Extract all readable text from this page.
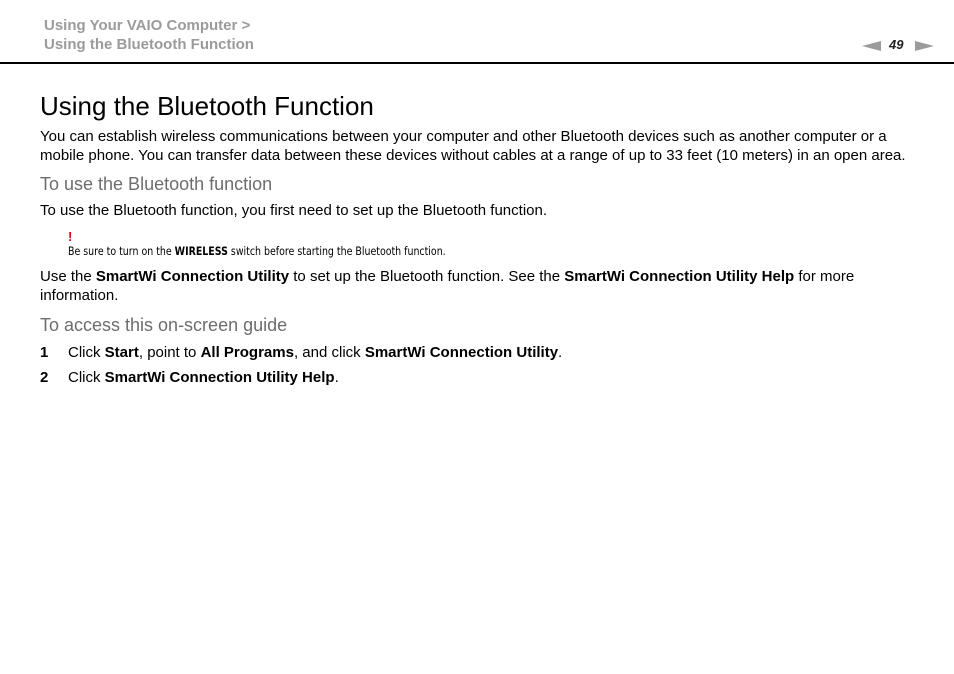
Using Your VAIO Computer >
Using the Bluetooth Function	49
Using the Bluetooth Function

You can establish wireless communications between your computer and other Bluetooth devices such as another computer or a mobile phone. You can transfer data between these devices without cables at a range of up to 33 feet (10 meters) in an open area.

To use the Bluetooth function

To use the Bluetooth function, you first need to set up the Bluetooth function.

!
Be sure to turn on the WIRELESS switch before starting the Bluetooth function.

Use the SmartWi Connection Utility to set up the Bluetooth function. See the SmartWi Connection Utility Help for more information.

To access this on-screen guide
1 Click Start, point to All Programs, and click SmartWi Connection Utility.
2 Click SmartWi Connection Utility Help.
